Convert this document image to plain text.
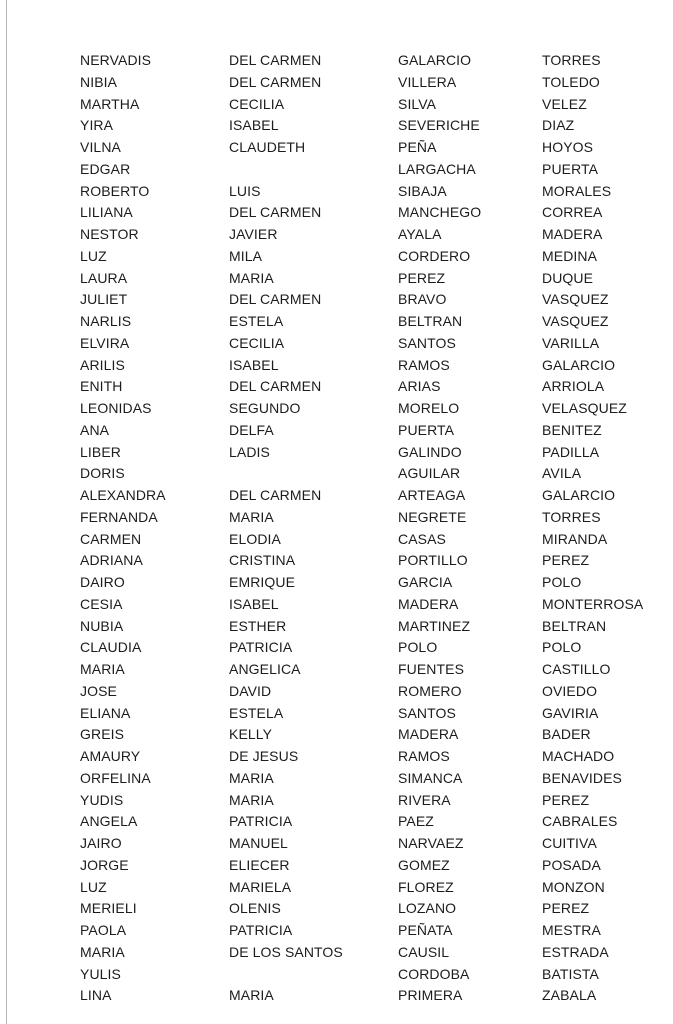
NERVADIS	DEL CARMEN	GALARCIO	TORRES
NIBIA	DEL CARMEN	VILLERA	TOLEDO
MARTHA	CECILIA	SILVA	VELEZ
YIRA	ISABEL	SEVERICHE	DIAZ
VILNA	CLAUDETH	PEÑA	HOYOS
EDGAR		LARGACHA	PUERTA
ROBERTO	LUIS	SIBAJA	MORALES
LILIANA	DEL CARMEN	MANCHEGO	CORREA
NESTOR	JAVIER	AYALA	MADERA
LUZ	MILA	CORDERO	MEDINA
LAURA	MARIA	PEREZ	DUQUE
JULIET	DEL CARMEN	BRAVO	VASQUEZ
NARLIS	ESTELA	BELTRAN	VASQUEZ
ELVIRA	CECILIA	SANTOS	VARILLA
ARILIS	ISABEL	RAMOS	GALARCIO
ENITH	DEL CARMEN	ARIAS	ARRIOLA
LEONIDAS	SEGUNDO	MORELO	VELASQUEZ
ANA	DELFA	PUERTA	BENITEZ
LIBER	LADIS	GALINDO	PADILLA
DORIS		AGUILAR	AVILA
ALEXANDRA	DEL CARMEN	ARTEAGA	GALARCIO
FERNANDA	MARIA	NEGRETE	TORRES
CARMEN	ELODIA	CASAS	MIRANDA
ADRIANA	CRISTINA	PORTILLO	PEREZ
DAIRO	EMRIQUE	GARCIA	POLO
CESIA	ISABEL	MADERA	MONTERROSA
NUBIA	ESTHER	MARTINEZ	BELTRAN
CLAUDIA	PATRICIA	POLO	POLO
MARIA	ANGELICA	FUENTES	CASTILLO
JOSE	DAVID	ROMERO	OVIEDO
ELIANA	ESTELA	SANTOS	GAVIRIA
GREIS	KELLY	MADERA	BADER
AMAURY	DE JESUS	RAMOS	MACHADO
ORFELINA	MARIA	SIMANCA	BENAVIDES
YUDIS	MARIA	RIVERA	PEREZ
ANGELA	PATRICIA	PAEZ	CABRALES
JAIRO	MANUEL	NARVAEZ	CUITIVA
JORGE	ELIECER	GOMEZ	POSADA
LUZ	MARIELA	FLOREZ	MONZON
MERIELI	OLENIS	LOZANO	PEREZ
PAOLA	PATRICIA	PEÑATA	MESTRA
MARIA	DE LOS SANTOS	CAUSIL	ESTRADA
YULIS		CORDOBA	BATISTA
LINA	MARIA	PRIMERA	ZABALA
